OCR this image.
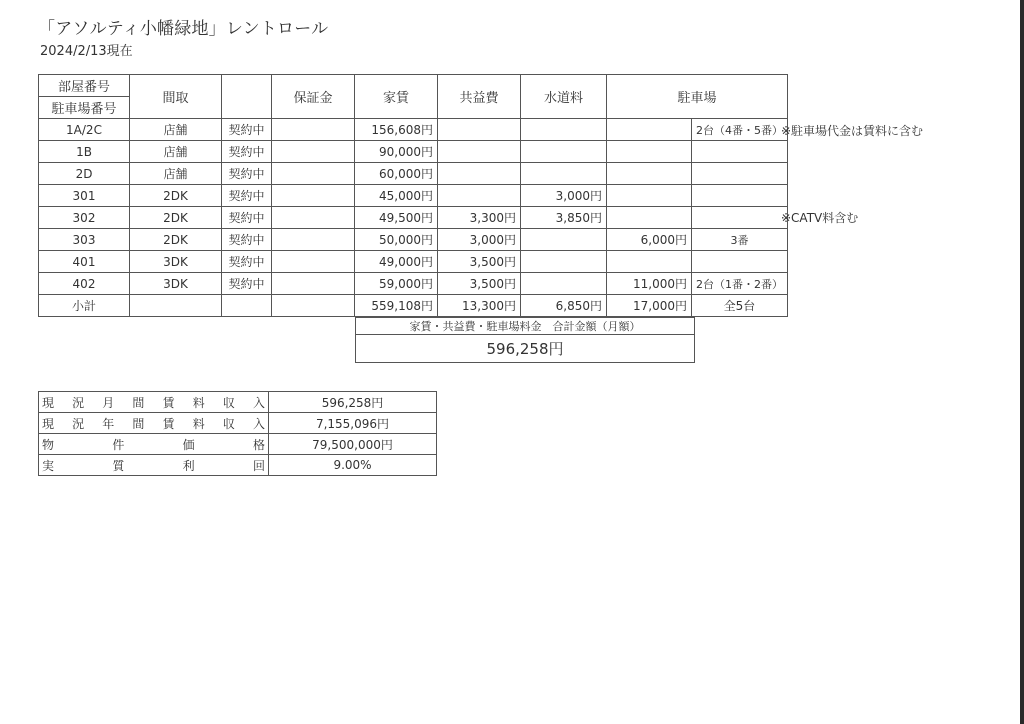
「アソルティ小幡緑地」レントロール
2024/2/13現在
部屋番号	間取		保証金	家賃	共益費	水道料	駐車場	
駐車場番号								
1A/2C	店舗	契約中		156,608円				2台（4番・5番）
1B	店舗	契約中		90,000円				
2D	店舗	契約中		60,000円				
301	2DK	契約中		45,000円		3,000円		
302	2DK	契約中		49,500円	3,300円	3,850円		
303	2DK	契約中		50,000円	3,000円		6,000円	3番
401	3DK	契約中		49,000円	3,500円			
402	3DK	契約中		59,000円	3,500円		11,000円	2台（1番・2番）
小計				559,108円	13,300円	6,850円	17,000円	全5台
※駐車場代金は賃料に含む
※CATV料含む
家賃・共益費・駐車場料金　合計金額（月額）
596,258円
現 況 月 間 賃 料 収 入	596,258円

現 況 年 間 賃 料 収 入	7,155,096円

物 件 価 格	79,500,000円

実 質 利 回	9.00%
